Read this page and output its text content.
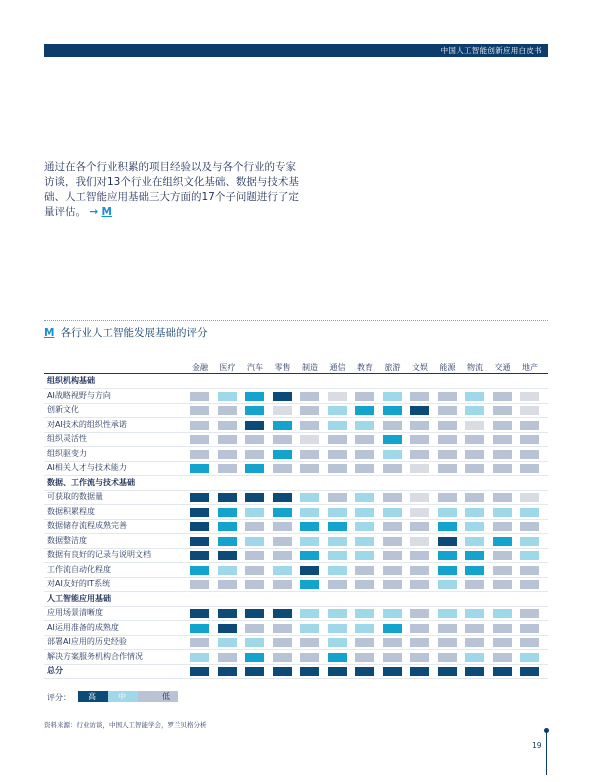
中国人工智能创新应用白皮书
通过在各个行业积累的项目经验以及与各个行业的专家访谈，我们对13个行业在组织文化基础、数据与技术基础、人工智能应用基础三大方面的17个子问题进行了定量评估。 → M
M 各行业人工智能发展基础的评分
金融	医疗	汽车	零售	制造	通信	教育	旅游	文娱	能源	物流	交通	地产
组织机构基础
AI战略视野与方向
创新文化
对AI技术的组织性承诺
组织灵活性
组织驱变力
AI相关人才与技术能力
数据、工作流与技术基础
可获取的数据量
数据积累程度
数据储存流程成熟完善
数据整洁度
数据有良好的记录与说明文档
工作流自动化程度
对AI友好的IT系统
人工智能应用基础
应用场景清晰度
AI运用准备的成熟度
部署AI应用的历史经验
解决方案服务机构合作情况
总分
评分：	高	中	低
资料来源：行业访谈，中国人工智能学会，罗兰贝格分析
19
